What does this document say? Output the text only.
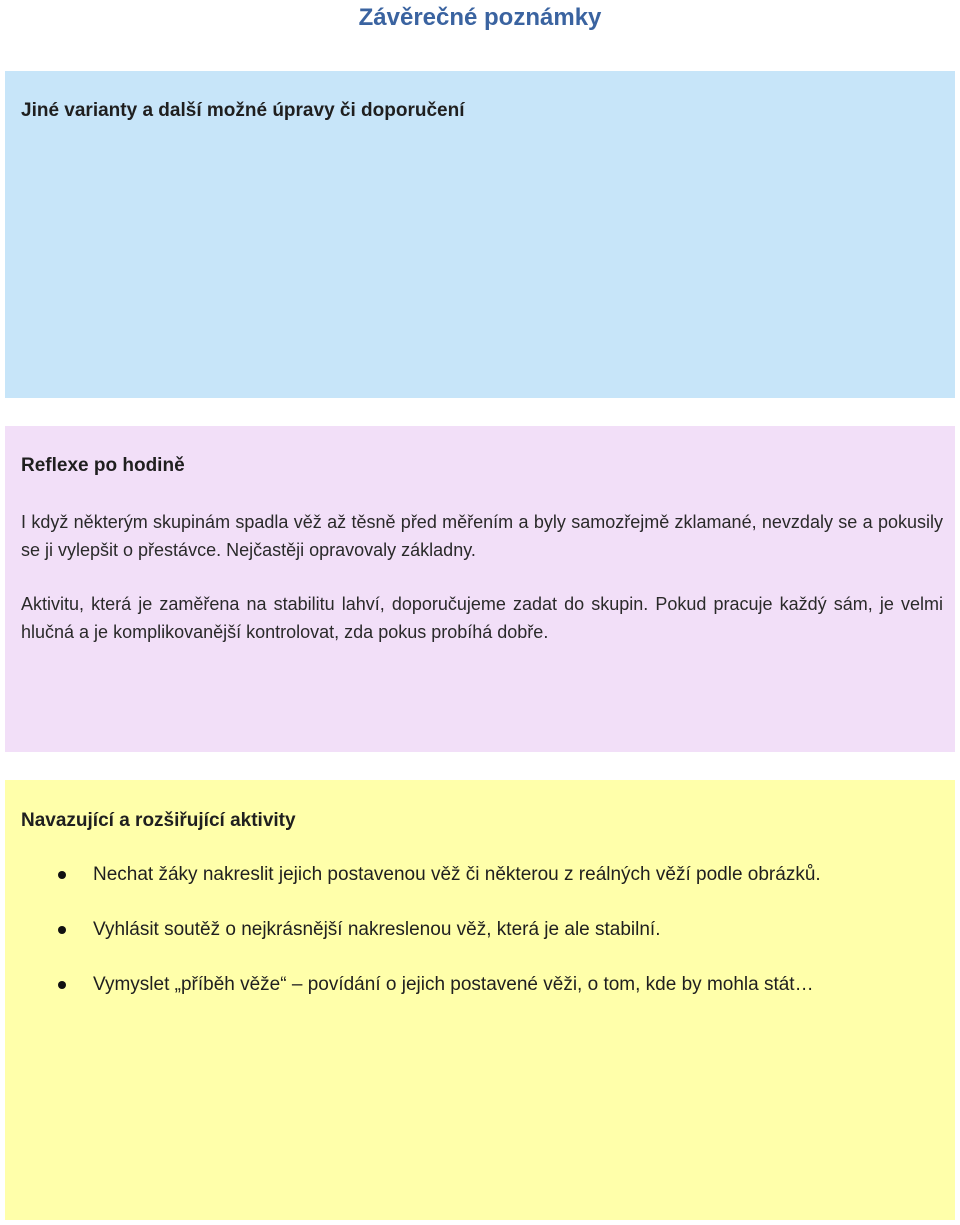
Závěrečné poznámky
Jiné varianty a další možné úpravy či doporučení
Reflexe po hodině

I když některým skupinám spadla věž až těsně před měřením a byly samozřejmě zklamané, nevzdaly se a pokusily se ji vylepšit o přestávce. Nejčastěji opravovaly základny.

Aktivitu, která je zaměřena na stabilitu lahví, doporučujeme zadat do skupin. Pokud pracuje každý sám, je velmi hlučná a je komplikovanější kontrolovat, zda pokus probíhá dobře.

Navazující a rozšiřující aktivity
Nechat žáky nakreslit jejich postavenou věž či některou z reálných věží podle obrázků.
Vyhlásit soutěž o nejkrásnější nakreslenou věž, která je ale stabilní.
Vymyslet „příběh věže“ – povídání o jejich postavené věži, o tom, kde by mohla stát…
